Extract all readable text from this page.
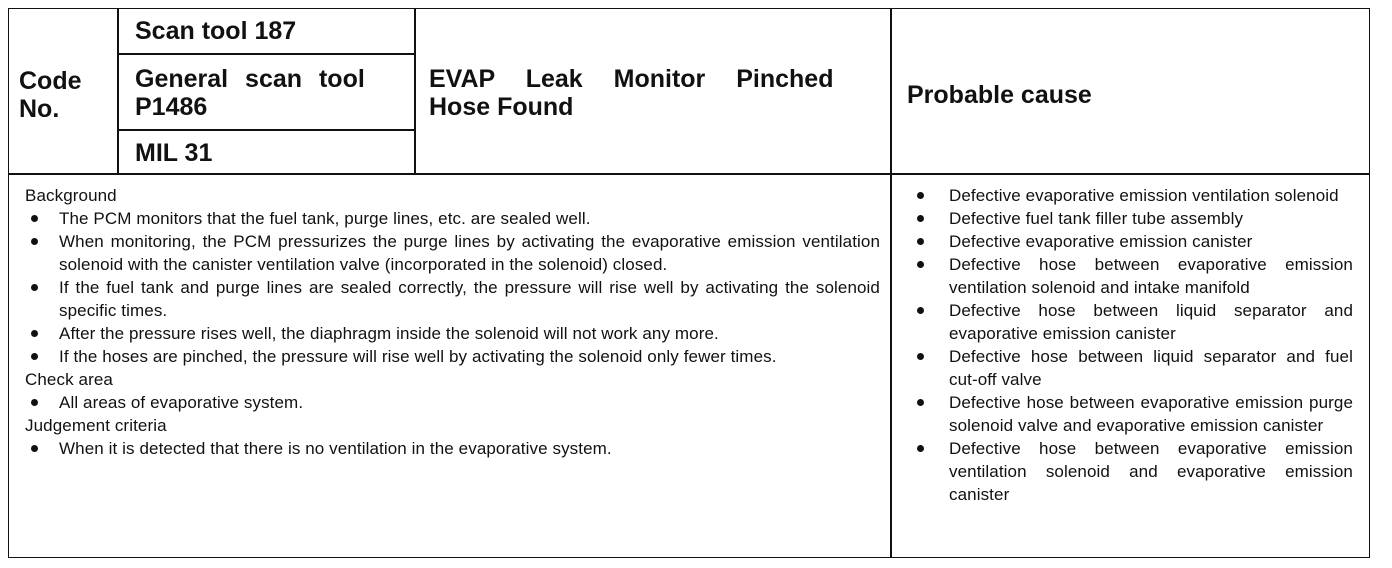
Code
No.
Scan tool 187
General scan tool
P1486
MIL 31
EVAP Leak Monitor Pinched
Hose Found	Probable cause
Background
The PCM monitors that the fuel tank, purge lines, etc. are sealed well.
When monitoring, the PCM pressurizes the purge lines by activating the evaporative emission ventilation solenoid with the canister ventilation valve (incorporated in the solenoid) closed.
If the fuel tank and purge lines are sealed correctly, the pressure will rise well by activating the solenoid specific times.
After the pressure rises well, the diaphragm inside the solenoid will not work any more.
If the hoses are pinched, the pressure will rise well by activating the solenoid only fewer times.
Check area
All areas of evaporative system.
Judgement criteria
When it is detected that there is no ventilation in the evaporative system.
Defective evaporative emission ventilation solenoid
Defective fuel tank filler tube assembly
Defective evaporative emission canister
Defective hose between evaporative emission ventilation solenoid and intake manifold
Defective hose between liquid separator and evaporative emission canister
Defective hose between liquid separator and fuel cut-off valve
Defective hose between evaporative emission purge solenoid valve and evaporative emission canister
Defective hose between evaporative emission ventilation solenoid and evaporative emission canister
